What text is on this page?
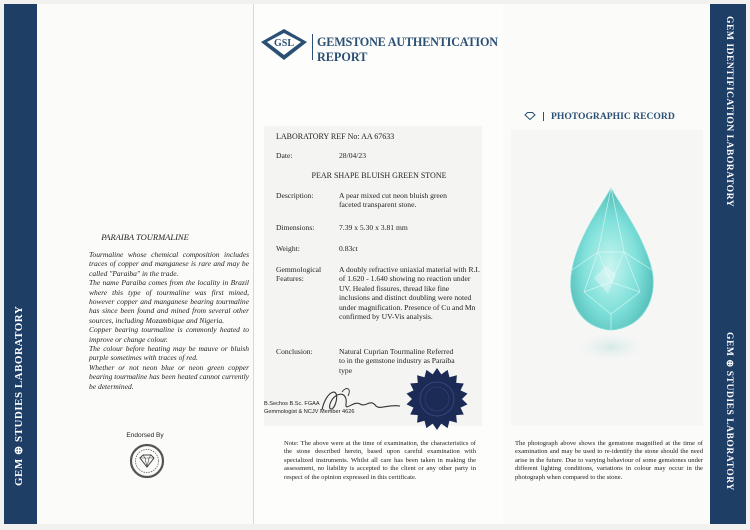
GEM ⊕ STUDIES LABORATORY
PARAIBA TOURMALINE
Tourmaline whose chemical composition includes traces of copper and manganese is rare and may be called "Paraiba" in the trade.
The name Paraiba comes from the locality in Brazil where this type of tourmaline was first mined, however copper and manganese bearing tourmaline has since been found and mined from several other sources, including Mozambique and Nigeria.
Copper bearing tourmaline is commonly heated to improve or change colour.
The colour before heating may be mauve or bluish purple sometimes with traces of red.
Whether or not neon blue or neon green copper bearing tourmaline has been heated cannot currently be determined.
Endorsed By
GSL GEMSTONE AUTHENTICATION
REPORT
LABORATORY REF No: AA 67633
Date:	28/04/23
PEAR SHAPE BLUISH GREEN STONE
Description:	A pear mixed cut neon bluish green faceted transparent stone.
Dimensions:	7.39 x 5.30 x 3.81 mm
Weight:	0.83ct
Gemmological Features:
A doubly refractive uniaxial material with R.I. of 1.620 - 1.640 showing no reaction under UV. Healed fissures, thread like fine inclusions and distinct doubling were noted under magnification. Presence of Cu and Mn confirmed by UV-Vis analysis.
Conclusion:	Natural Cuprian Tourmaline Referred to in the gemstone industry as Paraiba type
B.Sechos B.Sc. FGAA
Gemmologist & NCJV Member 4626
Note: The above were at the time of examination, the characteristics of the stone described herein, based upon careful examination with specialized instruments. Whilst all care has been taken in making the assessment, no liability is accepted to the client or any other party in respect of the opinion expressed in this certificate.
PHOTOGRAPHIC RECORD
The photograph above shows the gemstone magnified at the time of examination and may be used to re-identify the stone should the need arise in the future. Due to varying behaviour of some gemstones under different lighting conditions, variations in colour may occur in the photograph when compared to the stone.
GEM IDENTIFICATION LABORATORY
GEM ⊕ STUDIES LABORATORY
